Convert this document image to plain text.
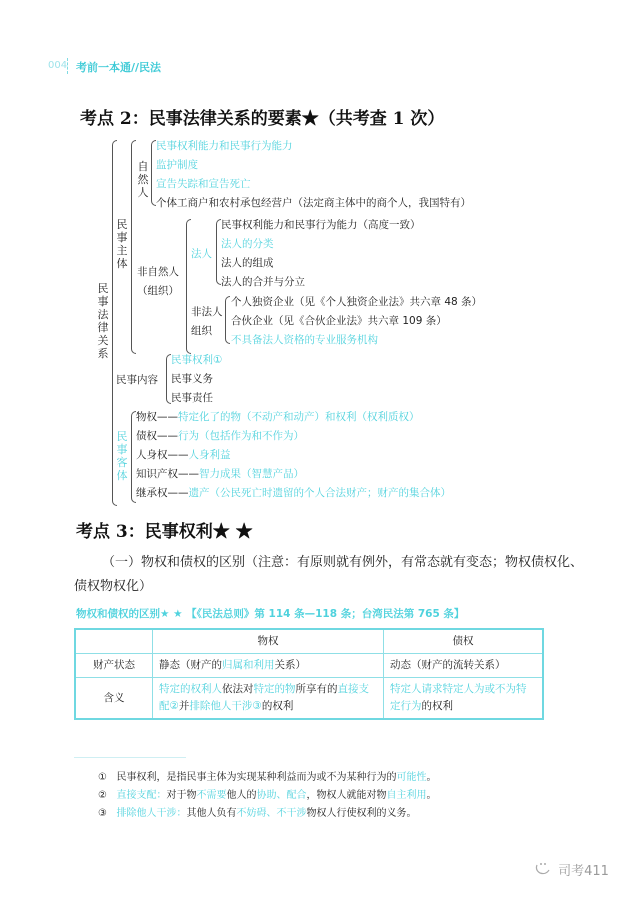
004 考前一本通//民法
考点 2：民事法律关系的要素★（共考查 1 次）
民事法律关系
民事主体
自然人
民事权利能力和民事行为能力
监护制度
宣告失踪和宣告死亡
个体工商户和农村承包经营户（法定商主体中的商个人，我国特有）
非自然人
（组织）
法人
民事权利能力和民事行为能力（高度一致）
法人的分类
法人的组成
法人的合并与分立
非法人
组织
个人独资企业（见《个人独资企业法》共六章 48 条）
合伙企业（见《合伙企业法》共六章 109 条）
不具备法人资格的专业服务机构
民事内容
民事权利①
民事义务
民事责任
民事客体
物权——特定化了的物（不动产和动产）和权利（权利质权）
债权——行为（包括作为和不作为）
人身权——人身利益
知识产权——智力成果（智慧产品）
继承权——遗产（公民死亡时遗留的个人合法财产；财产的集合体）
考点 3：民事权利★ ★
（一）物权和债权的区别（注意：有原则就有例外，有常态就有变态；物权债权化、债权物权化）
物权和债权的区别★ ★ 【《民法总则》第 114 条—118 条；台湾民法第 765 条】
	物权	债权
财产状态	静态（财产的归属和利用关系）	动态（财产的流转关系）
含义	特定的权利人依法对特定的物所享有的直接支配②并排除他人干涉③的权利	特定人请求特定人为或不为特定行为的权利
① 民事权利，是指民事主体为实现某种利益而为或不为某种行为的可能性。
② 直接支配：对于物不需要他人的协助、配合，物权人就能对物自主利用。
③ 排除他人干涉：其他人负有不妨碍、不干涉物权人行使权利的义务。
司考411
